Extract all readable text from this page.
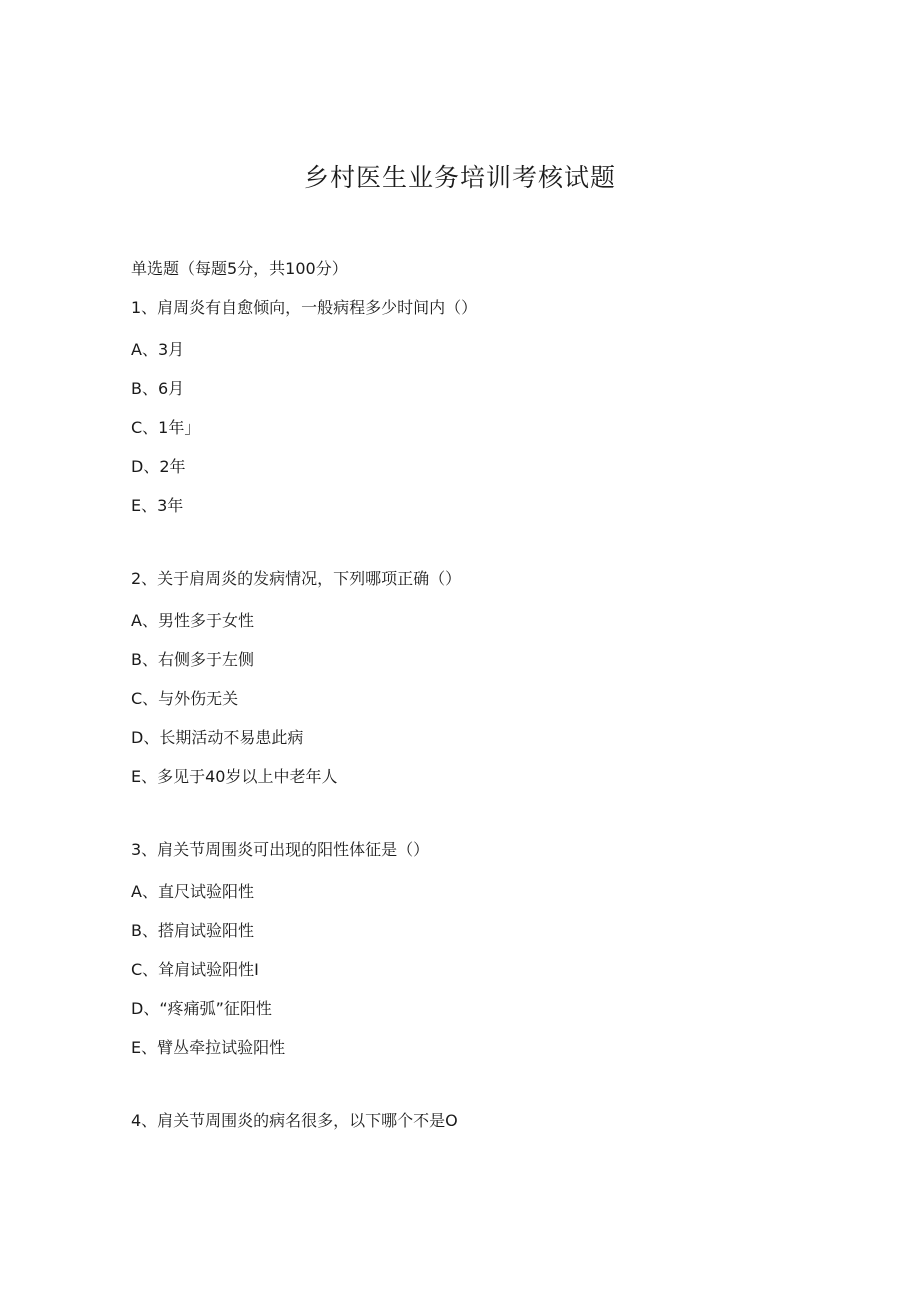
乡村医生业务培训考核试题
单选题（每题5分，共100分）
1、肩周炎有自愈倾向，一般病程多少时间内（）
A、3月
B、6月
C、1年」
D、2年
E、3年
2、关于肩周炎的发病情况，下列哪项正确（）
A、男性多于女性
B、右侧多于左侧
C、与外伤无关
D、长期活动不易患此病
E、多见于40岁以上中老年人
3、肩关节周围炎可出现的阳性体征是（）
A、直尺试验阳性
B、搭肩试验阳性
C、耸肩试验阳性I
D、“疼痛弧”征阳性
E、臂丛牵拉试验阳性
4、肩关节周围炎的病名很多，以下哪个不是O
